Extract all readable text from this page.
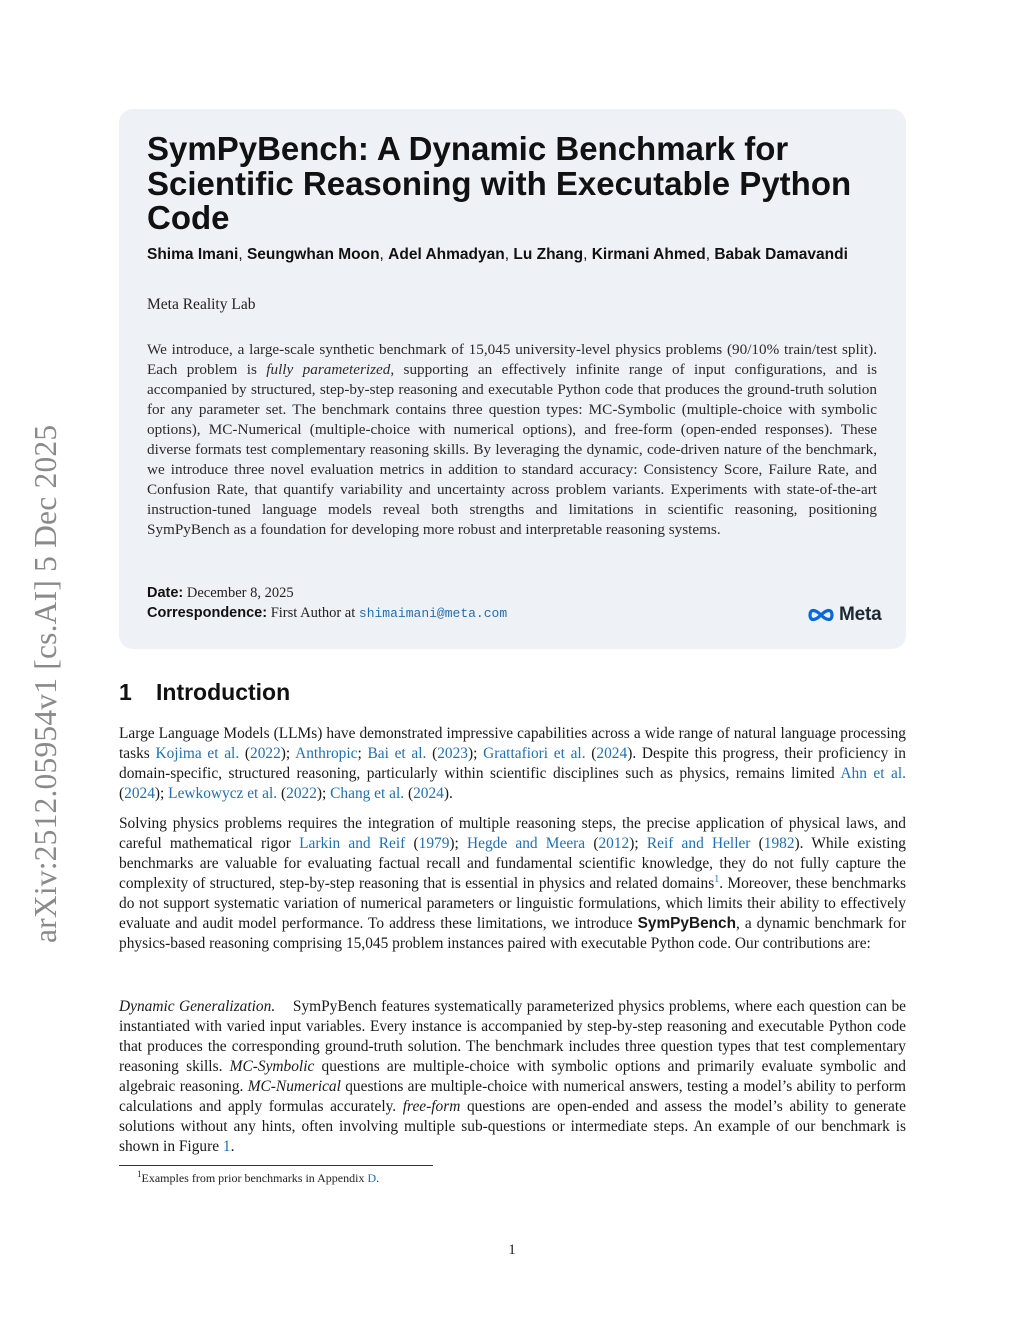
arXiv:2512.05954v1 [cs.AI] 5 Dec 2025
SymPyBench: A Dynamic Benchmark for Scientific Reasoning with Executable Python Code
Shima Imani, Seungwhan Moon, Adel Ahmadyan, Lu Zhang, Kirmani Ahmed, Babak Damavandi
Meta Reality Lab

We introduce, a large-scale synthetic benchmark of 15,045 university-level physics problems (90/10% train/test split). Each problem is fully parameterized, supporting an effectively infinite range of input configurations, and is accompanied by structured, step-by-step reasoning and executable Python code that produces the ground-truth solution for any parameter set. The benchmark contains three question types: MC-Symbolic (multiple-choice with symbolic options), MC-Numerical (multiple-choice with numerical options), and free-form (open-ended responses). These diverse formats test complementary reasoning skills. By leveraging the dynamic, code-driven nature of the benchmark, we introduce three novel evaluation metrics in addition to standard accuracy: Consistency Score, Failure Rate, and Confusion Rate, that quantify variability and uncertainty across problem variants. Experiments with state-of-the-art instruction-tuned language models reveal both strengths and limitations in scientific reasoning, positioning SymPyBench as a foundation for developing more robust and interpretable reasoning systems.

Date: December 8, 2025
Correspondence: First Author at shimaimani@meta.com	Meta
1 Introduction

Large Language Models (LLMs) have demonstrated impressive capabilities across a wide range of natural language processing tasks Kojima et al. (2022); Anthropic; Bai et al. (2023); Grattafiori et al. (2024). Despite this progress, their proficiency in domain-specific, structured reasoning, particularly within scientific disciplines such as physics, remains limited Ahn et al. (2024); Lewkowycz et al. (2022); Chang et al. (2024).

Solving physics problems requires the integration of multiple reasoning steps, the precise application of physical laws, and careful mathematical rigor Larkin and Reif (1979); Hegde and Meera (2012); Reif and Heller (1982). While existing benchmarks are valuable for evaluating factual recall and fundamental scientific knowledge, they do not fully capture the complexity of structured, step-by-step reasoning that is essential in physics and related domains$^1$. Moreover, these benchmarks do not support systematic variation of numerical parameters or linguistic formulations, which limits their ability to effectively evaluate and audit model performance. To address these limitations, we introduce SymPyBench, a dynamic benchmark for physics-based reasoning comprising 15,045 problem instances paired with executable Python code. Our contributions are:

Dynamic Generalization. SymPyBench features systematically parameterized physics problems, where each question can be instantiated with varied input variables. Every instance is accompanied by step-by-step reasoning and executable Python code that produces the corresponding ground-truth solution. The benchmark includes three question types that test complementary reasoning skills. MC-Symbolic questions are multiple-choice with symbolic options and primarily evaluate symbolic and algebraic reasoning. MC-Numerical questions are multiple-choice with numerical answers, testing a model’s ability to perform calculations and apply formulas accurately. free-form questions are open-ended and assess the model’s ability to generate solutions without any hints, often involving multiple sub-questions or intermediate steps. An example of our benchmark is shown in Figure 1.

$^1$Examples from prior benchmarks in Appendix D.
1
